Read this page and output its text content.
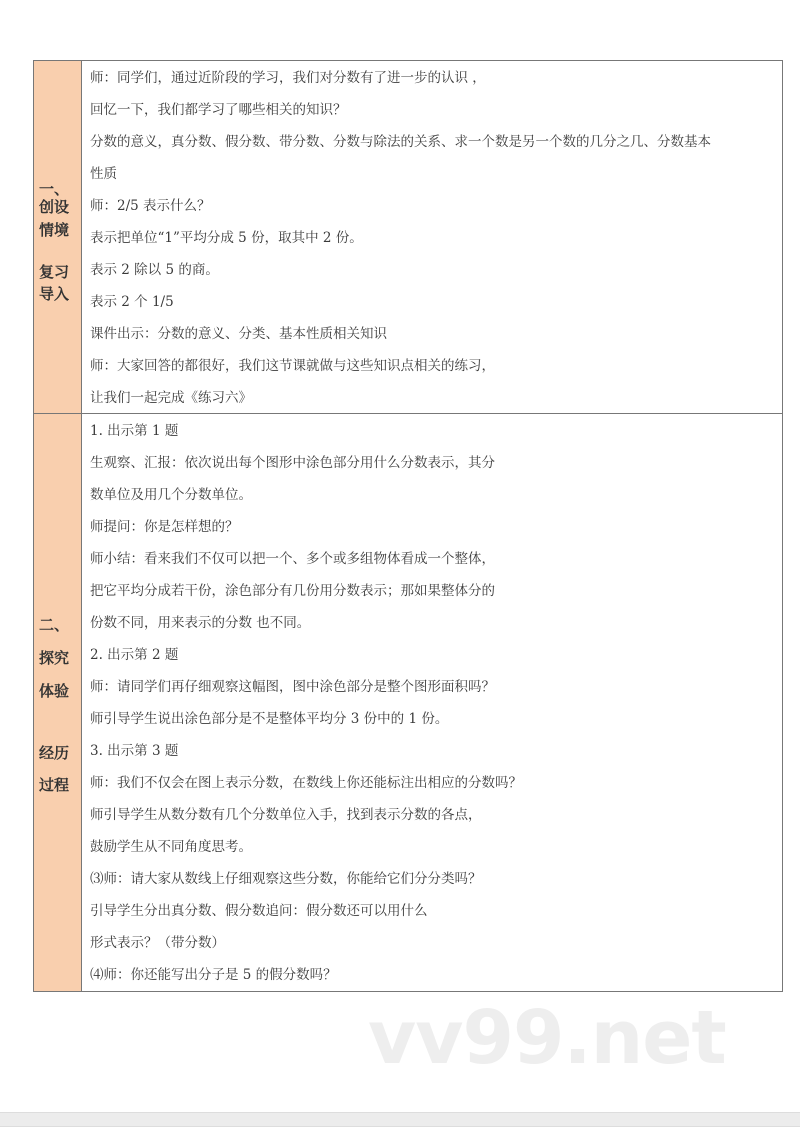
一、
创设
情境
复习
导入
师：同学们，通过近阶段的学习，我们对分数有了进一步的认识 ，
回忆一下，我们都学习了哪些相关的知识？
分数的意义，真分数、假分数、带分数、分数与除法的关系、求一个数是另一个数的几分之几、分数基本
性质
师：2/5 表示什么？
表示把单位“1”平均分成 5 份，取其中 2 份。
表示 2 除以 5 的商。
表示 2 个 1/5
课件出示：分数的意义、分类、基本性质相关知识
师：大家回答的都很好，我们这节课就做与这些知识点相关的练习，
让我们一起完成《练习六》
二、
探究
体验
经历
过程
1. 出示第 1 题
生观察、汇报：依次说出每个图形中涂色部分用什么分数表示，其分
数单位及用几个分数单位。
师提问：你是怎样想的？
师小结：看来我们不仅可以把一个、多个或多组物体看成一个整体，
把它平均分成若干份，涂色部分有几份用分数表示；那如果整体分的
份数不同，用来表示的分数 也不同。
2. 出示第 2 题
师：请同学们再仔细观察这幅图，图中涂色部分是整个图形面积吗？
师引导学生说出涂色部分是不是整体平均分 3 份中的 1 份。
3. 出示第 3 题
师：我们不仅会在图上表示分数，在数线上你还能标注出相应的分数吗？
师引导学生从数分数有几个分数单位入手，找到表示分数的各点，
鼓励学生从不同角度思考。
⑶师：请大家从数线上仔细观察这些分数，你能给它们分分类吗？
引导学生分出真分数、假分数追问：假分数还可以用什么
形式表示？（带分数）
⑷师：你还能写出分子是 5 的假分数吗？
vv99.net
